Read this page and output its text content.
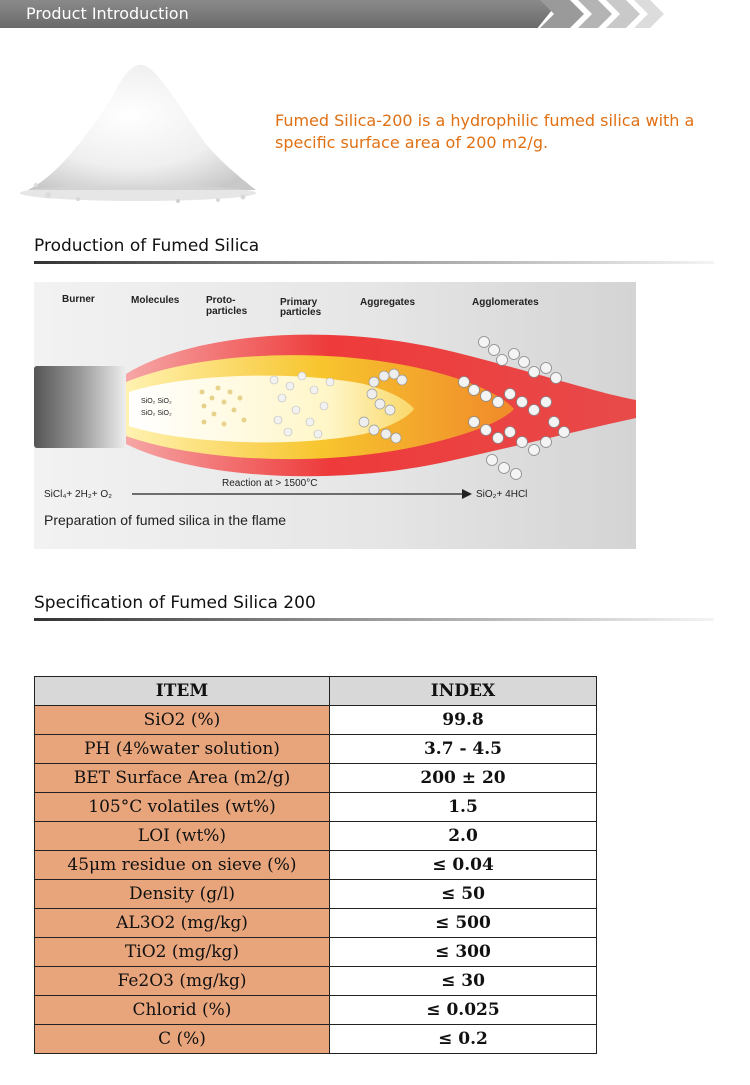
Product Introduction
Fumed Silica-200 is a hydrophilic fumed silica with a specific surface area of 200 m2/g.
Production of Fumed Silica
Burner	Molecules	Proto-
particles
Primary
particles
Aggregates	Agglomerates
SiO₂ SiO₂
SiO₂ SiO₂
Reaction at > 1500°C
SiCl₄+ 2H₂+ O₂	SiO₂+ 4HCl
Preparation of fumed silica in the flame
Specification of Fumed Silica 200
ITEM	INDEX
SiO2 (%)	99.8
PH (4%water solution)	3.7 - 4.5
BET Surface Area (m2/g)	200 ± 20
105°C volatiles (wt%)	1.5
LOI (wt%)	2.0
45μm residue on sieve (%)	≤ 0.04
Density (g/l)	≤ 50
AL3O2 (mg/kg)	≤ 500
TiO2 (mg/kg)	≤ 300
Fe2O3 (mg/kg)	≤ 30
Chlorid (%)	≤ 0.025
C (%)	≤ 0.2
